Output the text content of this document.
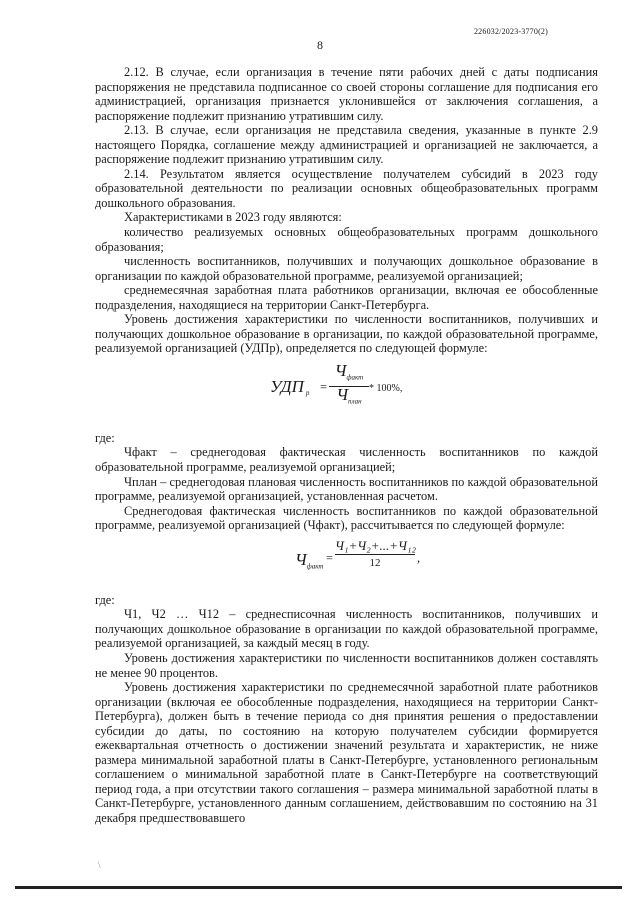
226032/2023-3770(2)
8

2.12. В случае, если организация в течение пяти рабочих дней с даты подписания распоряжения не представила подписанное со своей стороны соглашение для подписания его администрацией, организация признается уклонившейся от заключения соглашения, а распоряжение подлежит признанию утратившим силу.

2.13. В случае, если организация не представила сведения, указанные в пункте 2.9 настоящего Порядка, соглашение между администрацией и организацией не заключается, а распоряжение подлежит признанию утратившим силу.

2.14. Результатом является осуществление получателем субсидий в 2023 году образовательной деятельности по реализации основных общеобразовательных программ дошкольного образования.

Характеристиками в 2023 году являются:

количество реализуемых основных общеобразовательных программ дошкольного образования;

численность воспитанников, получивших и получающих дошкольное образование в организации по каждой образовательной программе, реализуемой организацией;

среднемесячная заработная плата работников организации, включая ее обособленные подразделения, находящиеся на территории Санкт-Петербурга.

Уровень достижения характеристики по численности воспитанников, получивших и получающих дошкольное образование в организации, по каждой образовательной программе, реализуемой организацией (УДПр), определяется по следующей формуле:

УДП $_р$ =
$Ч_{факт}$
$Ч_{план}$
* 100%,

где:

Чфакт – среднегодовая фактическая численность воспитанников по каждой образовательной программе, реализуемой организацией;

Чплан – среднегодовая плановая численность воспитанников по каждой образовательной программе, реализуемой организацией, установленная расчетом.

Среднегодовая фактическая численность воспитанников по каждой образовательной программе, реализуемой организацией (Чфакт), рассчитывается по следующей формуле:

$Ч_{факт}$
=
Ч₁+Ч₂+...+Ч₁₂
12	,

где:

Ч1, Ч2 … Ч12 – среднесписочная численность воспитанников, получивших и получающих дошкольное образование в организации по каждой образовательной программе, реализуемой организацией, за каждый месяц в году.

Уровень достижения характеристики по численности воспитанников должен составлять не менее 90 процентов.

Уровень достижения характеристики по среднемесячной заработной плате работников организации (включая ее обособленные подразделения, находящиеся на территории Санкт-Петербурга), должен быть в течение периода со дня принятия решения о предоставлении субсидии до даты, по состоянию на которую получателем субсидии формируется ежеквартальная отчетность о достижении значений результата и характеристик, не ниже размера минимальной заработной платы в Санкт-Петербурге, установленного региональным соглашением о минимальной заработной плате в Санкт-Петербурге на соответствующий период года, а при отсутствии такого соглашения – размера минимальной заработной платы в Санкт-Петербурге, установленного данным соглашением, действовавшим по состоянию на 31 декабря предшествовавшего

\
